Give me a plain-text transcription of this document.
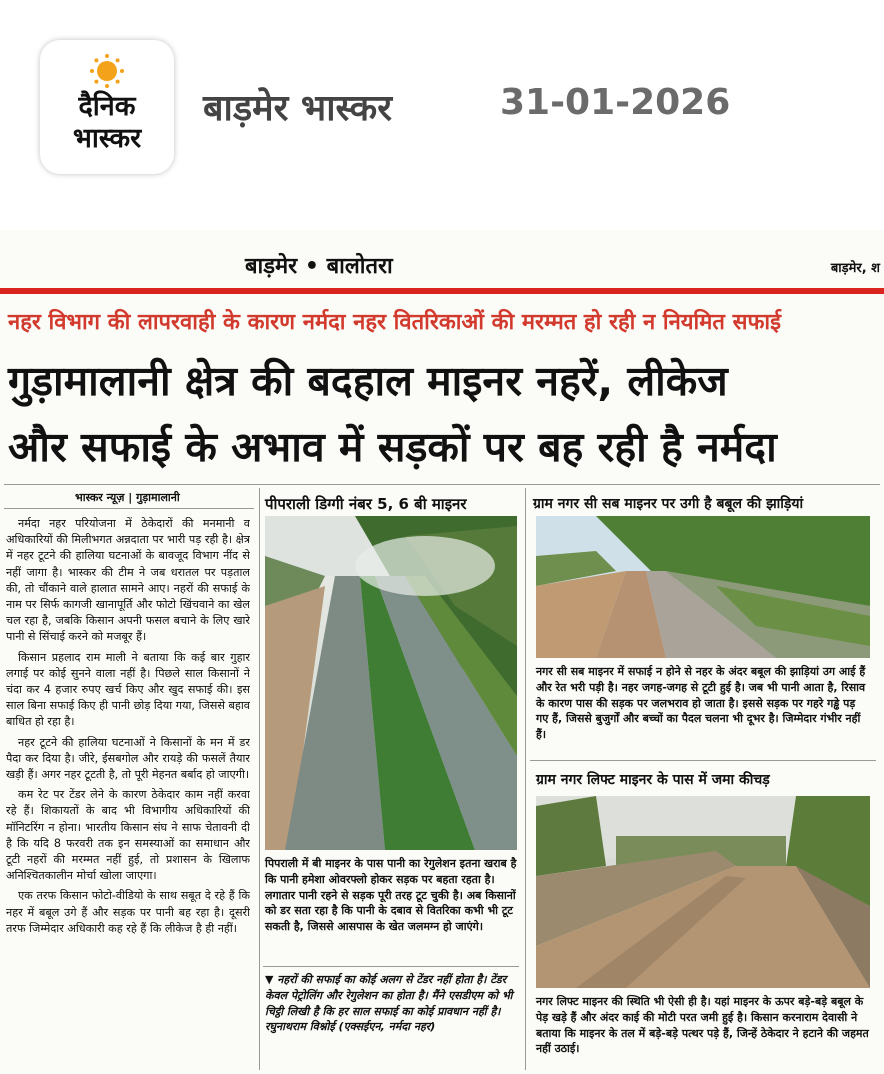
दैनिक
भास्कर
बाड़मेर भास्कर	31-01-2026
बाड़मेर • बालोतरा	बाड़मेर, श
नहर विभाग की लापरवाही के कारण नर्मदा नहर वितरिकाओं की मरम्मत हो रही न नियमित सफाई
गुड़ामालानी क्षेत्र की बदहाल माइनर नहरें, लीकेज
और सफाई के अभाव में सड़कों पर बह रही है नर्मदा
भास्कर न्यूज़ | गुड़ामालानी

नर्मदा नहर परियोजना में ठेकेदारों की मनमानी व अधिकारियों की मिलीभगत अन्नदाता पर भारी पड़ रही है। क्षेत्र में नहर टूटने की हालिया घटनाओं के बावजूद विभाग नींद से नहीं जागा है। भास्कर की टीम ने जब धरातल पर पड़ताल की, तो चौंकाने वाले हालात सामने आए। नहरों की सफाई के नाम पर सिर्फ कागजी खानापूर्ति और फोटो खिंचवाने का खेल चल रहा है, जबकि किसान अपनी फसल बचाने के लिए खारे पानी से सिंचाई करने को मजबूर हैं।

किसान प्रहलाद राम माली ने बताया कि कई बार गुहार लगाई पर कोई सुनने वाला नहीं है। पिछले साल किसानों ने चंदा कर 4 हजार रुपए खर्च किए और खुद सफाई की। इस साल बिना सफाई किए ही पानी छोड़ दिया गया, जिससे बहाव बाधित हो रहा है।

नहर टूटने की हालिया घटनाओं ने किसानों के मन में डर पैदा कर दिया है। जीरे, ईसबगोल और रायड़े की फसलें तैयार खड़ी हैं। अगर नहर टूटती है, तो पूरी मेहनत बर्बाद हो जाएगी।

कम रेट पर टेंडर लेने के कारण ठेकेदार काम नहीं करवा रहे हैं। शिकायतों के बाद भी विभागीय अधिकारियों की मॉनिटरिंग न होना। भारतीय किसान संघ ने साफ चेतावनी दी है कि यदि 8 फरवरी तक इन समस्याओं का समाधान और टूटी नहरों की मरम्मत नहीं हुई, तो प्रशासन के खिलाफ अनिश्चितकालीन मोर्चा खोला जाएगा।

एक तरफ किसान फोटो-वीडियो के साथ सबूत दे रहे हैं कि नहर में बबूल उगे हैं और सड़क पर पानी बह रहा है। दूसरी तरफ जिम्मेदार अधिकारी कह रहे हैं कि लीकेज है ही नहीं।

पीपराली डिग्गी नंबर 5, 6 बी माइनर
पिपराली में बी माइनर के पास पानी का रेगुलेशन इतना खराब है कि पानी हमेशा ओवरफ्लो होकर सड़क पर बहता रहता है। लगातार पानी रहने से सड़क पूरी तरह टूट चुकी है। अब किसानों को डर सता रहा है कि पानी के दबाव से वितरिका कभी भी टूट सकती है, जिससे आसपास के खेत जलमग्न हो जाएंगे।
▼ नहरों की सफाई का कोई अलग से टेंडर नहीं होता है। टेंडर केवल पेट्रोलिंग और रेगुलेशन का होता है। मैंने एसडीएम को भी चिट्ठी लिखी है कि हर साल सफाई का कोई प्रावधान नहीं है। रघुनाथराम विश्नोई (एक्सईएन, नर्मदा नहर)
ग्राम नगर सी सब माइनर पर उगी है बबूल की झाड़ियां
नगर सी सब माइनर में सफाई न होने से नहर के अंदर बबूल की झाड़ियां उग आई हैं और रेत भरी पड़ी है। नहर जगह-जगह से टूटी हुई है। जब भी पानी आता है, रिसाव के कारण पास की सड़क पर जलभराव हो जाता है। इससे सड़क पर गहरे गड्ढे पड़ गए हैं, जिससे बुजुर्गों और बच्चों का पैदल चलना भी दूभर है। जिम्मेदार गंभीर नहीं हैं।
ग्राम नगर लिफ्ट माइनर के पास में जमा कीचड़
नगर लिफ्ट माइनर की स्थिति भी ऐसी ही है। यहां माइनर के ऊपर बड़े-बड़े बबूल के पेड़ खड़े हैं और अंदर काई की मोटी परत जमी हुई है। किसान करनाराम देवासी ने बताया कि माइनर के तल में बड़े-बड़े पत्थर पड़े हैं, जिन्हें ठेकेदार ने हटाने की जहमत नहीं उठाई।
